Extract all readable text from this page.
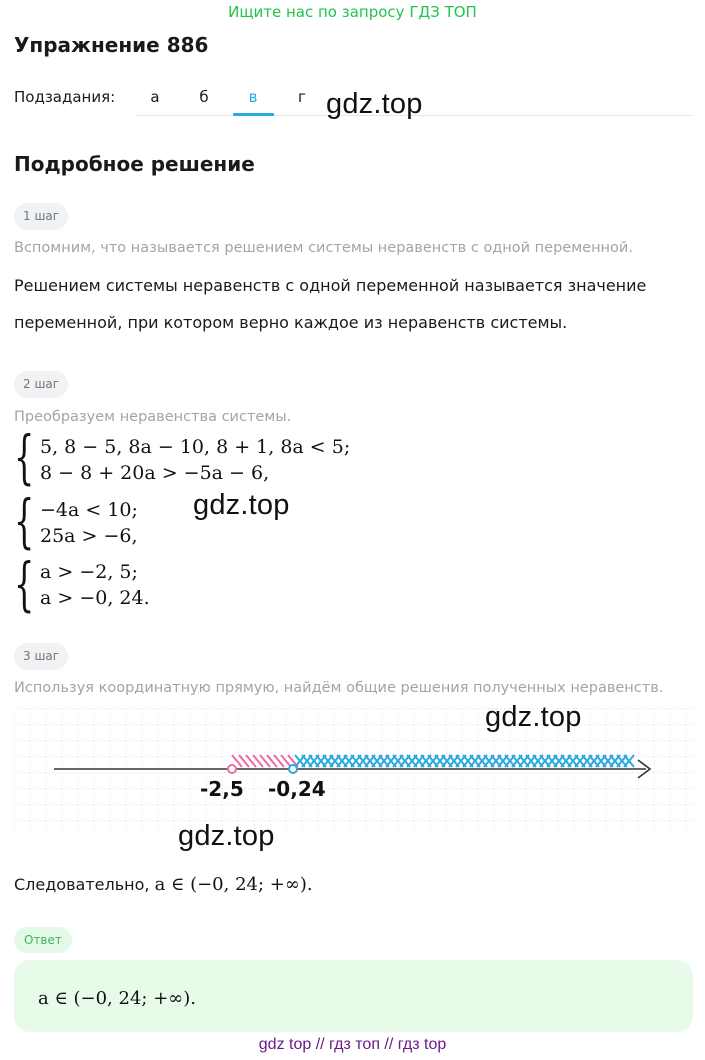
Ищите нас по запросу ГДЗ ТОП
Упражнение 886
Подзадания:	а	б	в	г gdz.top
Подробное решение
1 шаг
Вспомним, что называется решением системы неравенств с одной переменной.
Решением системы неравенств с одной переменной называется значение
переменной, при котором верно каждое из неравенств системы.
2 шаг
Преобразуем неравенства системы.
{ 5, 8 − 5, 8a − 10, 8 + 1, 8a < 5;
8 − 8 + 20a > −5a − 6,
{ −4a < 10;
25a > −6,
gdz.top
{ a > −2, 5;
a > −0, 24.
3 шаг
Используя координатную прямую, найдём общие решения полученных неравенств.
-2,5 -0,24
gdz.top
gdz.top
Следовательно, a ∈ (−0, 24; +∞).
Ответ
a ∈ (−0, 24; +∞).
gdz top // гдз топ // гдз top
